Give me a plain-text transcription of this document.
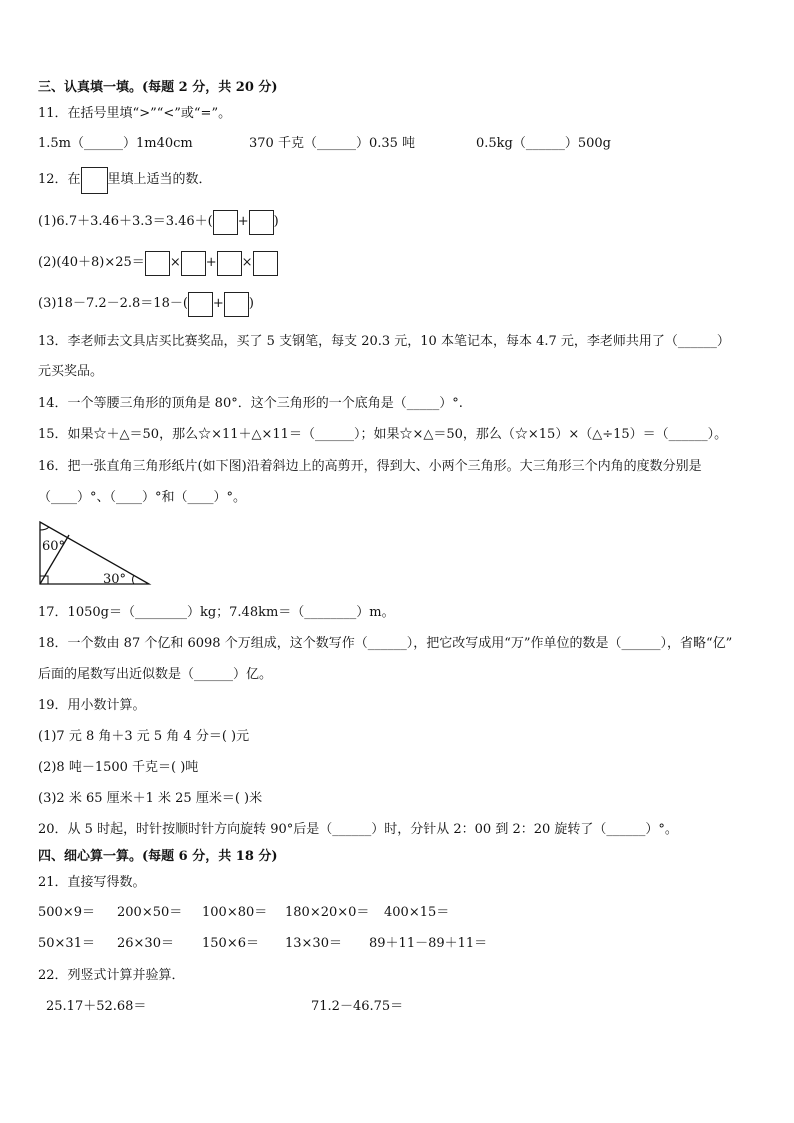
三、认真填一填。(每题 2 分，共 20 分)
11．在括号里填“>”“<”或“=”。
1.5m（______）1m40cm	370 千克（______）0.35 吨	0.5kg（______）500g
12．在 里填上适当的数．
(1)6.7＋3.46＋3.3＝3.46＋( + )
(2)(40＋8)×25＝ × + ×
(3)18－7.2－2.8＝18－( + )
13．李老师去文具店买比赛奖品，买了 5 支钢笔，每支 20.3 元，10 本笔记本，每本 4.7 元，李老师共用了（______）
元买奖品。
14．一个等腰三角形的顶角是 80°．这个三角形的一个底角是（_____）°.
15．如果☆＋△＝50，那么☆×11＋△×11＝（______）；如果☆×△＝50，那么（☆×15）×（△÷15）＝（______）。
16．把一张直角三角形纸片(如下图)沿着斜边上的高剪开，得到大、小两个三角形。大三角形三个内角的度数分别是
（____）°、（____）°和（____）°。
60°
30°
17．1050g＝（________）kg；7.48km＝（________）m。
18．一个数由 87 个亿和 6098 个万组成，这个数写作（______），把它改写成用“万”作单位的数是（______），省略“亿”
后面的尾数写出近似数是（______）亿。
19．用小数计算。
(1)7 元 8 角＋3 元 5 角 4 分＝( )元
(2)8 吨－1500 千克＝( )吨
(3)2 米 65 厘米＋1 米 25 厘米＝( )米
20．从 5 时起，时针按顺时针方向旋转 90°后是（______）时，分针从 2：00 到 2：20 旋转了（______）°。
四、细心算一算。(每题 6 分，共 18 分)
21．直接写得数。
500×9＝ 200×50＝ 100×80＝ 180×20×0＝ 400×15＝
50×31＝ 26×30＝ 150×6＝ 13×30＝ 89＋11－89＋11＝
22．列竖式计算并验算．
25.17＋52.68＝	71.2－46.75＝
